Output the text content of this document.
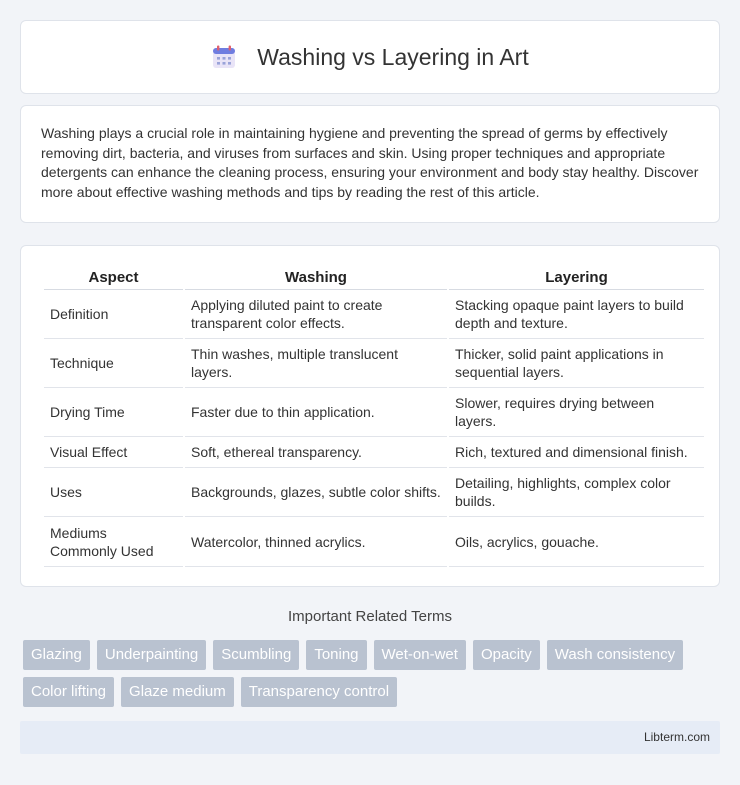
Washing vs Layering in Art

Washing plays a crucial role in maintaining hygiene and preventing the spread of germs by effectively removing dirt, bacteria, and viruses from surfaces and skin. Using proper techniques and appropriate detergents can enhance the cleaning process, ensuring your environment and body stay healthy. Discover more about effective washing methods and tips by reading the rest of this article.

Aspect	Washing	Layering
Definition	Applying diluted paint to create transparent color effects.	Stacking opaque paint layers to build depth and texture.
Technique	Thin washes, multiple translucent layers.	Thicker, solid paint applications in sequential layers.
Drying Time	Faster due to thin application.	Slower, requires drying between layers.
Visual Effect	Soft, ethereal transparency.	Rich, textured and dimensional finish.
Uses	Backgrounds, glazes, subtle color shifts.	Detailing, highlights, complex color builds.
Mediums Commonly Used	Watercolor, thinned acrylics.	Oils, acrylics, gouache.
Important Related Terms
Glazing	Underpainting	Scumbling	Toning	Wet-on-wet	Opacity	Wash consistency
Color lifting	Glaze medium	Transparency control
Libterm.com
